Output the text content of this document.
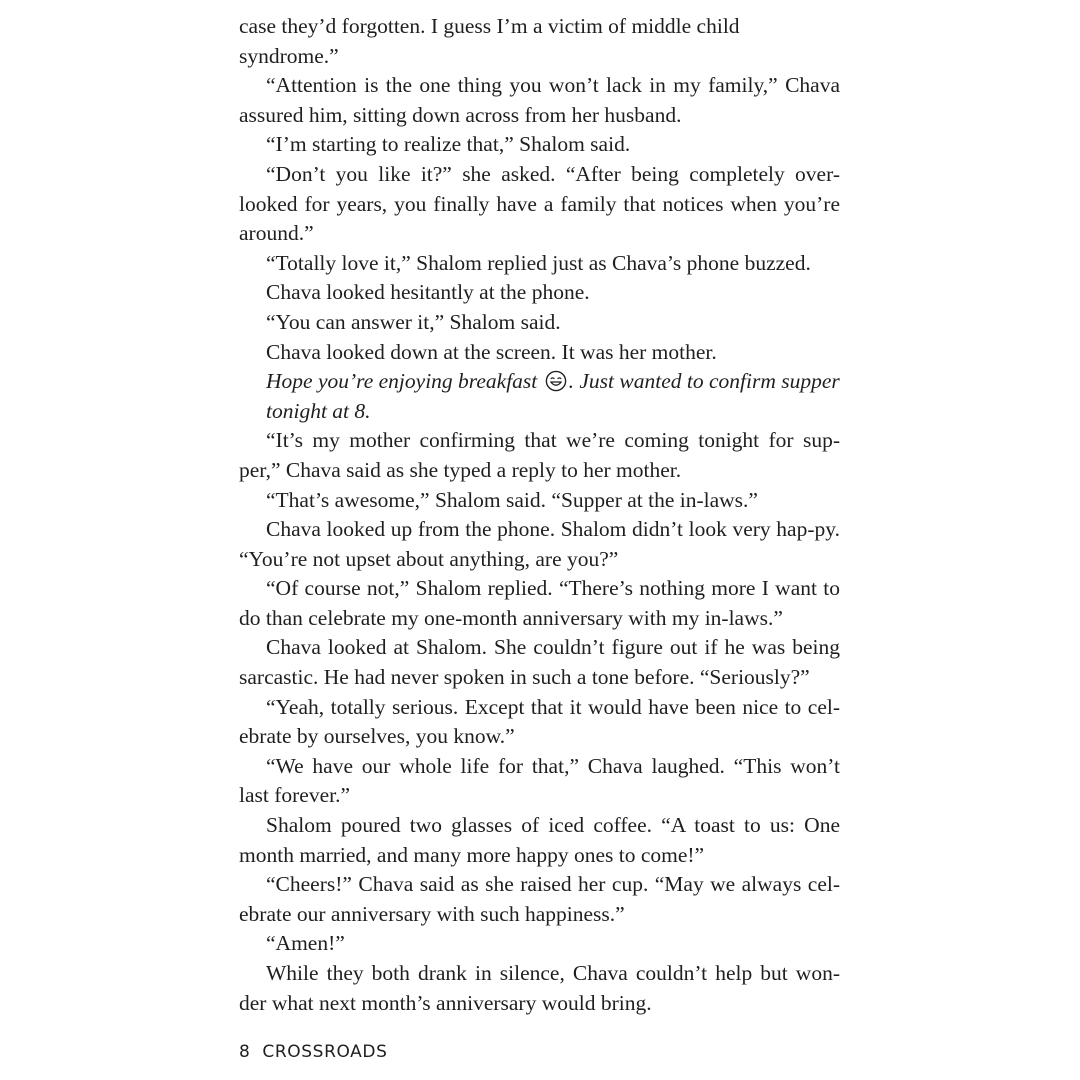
case they’d forgotten. I guess I’m a victim of middle child syndrome.”

“Attention is the one thing you won’t lack in my family,” Chava assured him, sitting down across from her husband.

“I’m starting to realize that,” Shalom said.

“Don’t you like it?” she asked. “After being completely over-looked for years, you finally have a family that notices when you’re around.”

“Totally love it,” Shalom replied just as Chava’s phone buzzed.

Chava looked hesitantly at the phone.

“You can answer it,” Shalom said.

Chava looked down at the screen. It was her mother.

Hope you’re enjoying breakfast . Just wanted to confirm supper tonight at 8.

“It’s my mother confirming that we’re coming tonight for sup-per,” Chava said as she typed a reply to her mother.

“That’s awesome,” Shalom said. “Supper at the in-laws.”

Chava looked up from the phone. Shalom didn’t look very hap-py. “You’re not upset about anything, are you?”

“Of course not,” Shalom replied. “There’s nothing more I want to do than celebrate my one-month anniversary with my in-laws.”

Chava looked at Shalom. She couldn’t figure out if he was being sarcastic. He had never spoken in such a tone before. “Seriously?”

“Yeah, totally serious. Except that it would have been nice to cel-ebrate by ourselves, you know.”

“We have our whole life for that,” Chava laughed. “This won’t last forever.”

Shalom poured two glasses of iced coffee. “A toast to us: One month married, and many more happy ones to come!”

“Cheers!” Chava said as she raised her cup. “May we always cel-ebrate our anniversary with such happiness.”

“Amen!”

While they both drank in silence, Chava couldn’t help but won-der what next month’s anniversary would bring.

8 CROSSROADS
